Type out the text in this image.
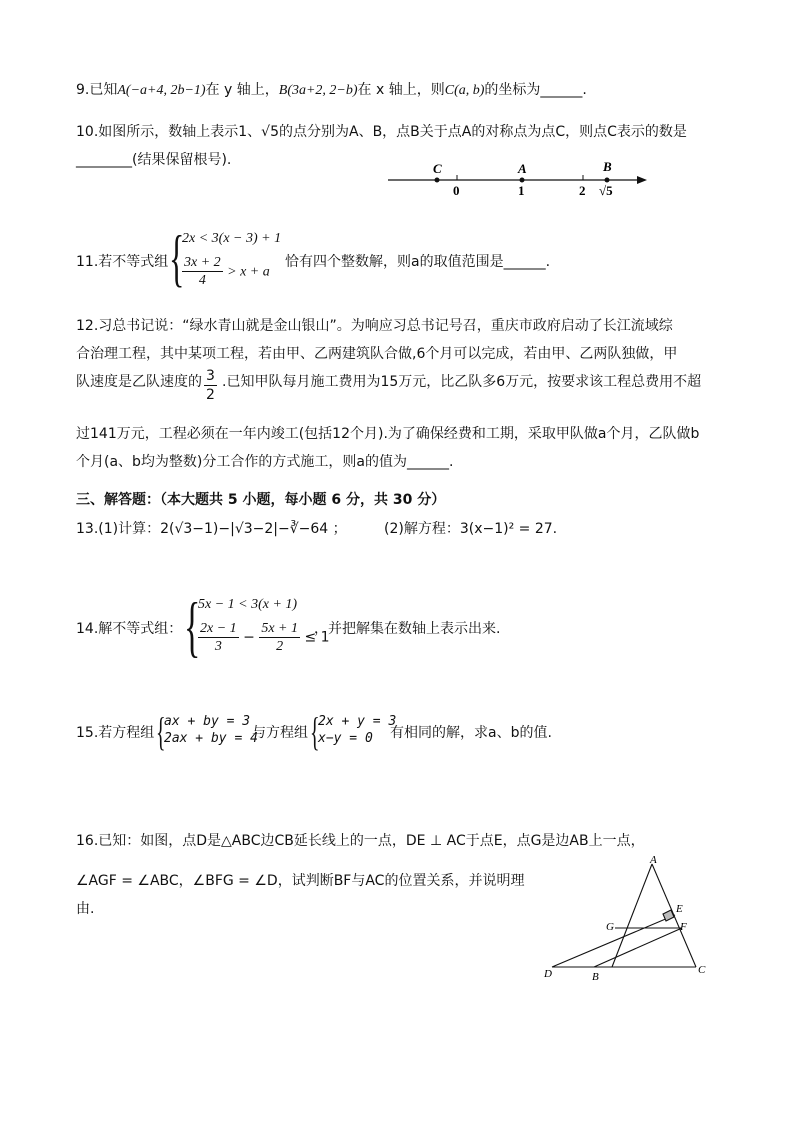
9.已知A(−a+4, 2b−1)在 y 轴上，B(3a+2, 2−b)在 x 轴上，则C(a, b)的坐标为______.
10.如图所示，数轴上表示1、√5的点分别为A、B，点B关于点A的对称点为点C，则点C表示的数是
________(结果保留根号).
C	A	B
0	1	2 √5
11.若不等式组 {
2x < 3(x − 3) + 1
$\frac{3x + 2}{4} > x + a$
恰有四个整数解，则a的取值范围是______.
12.习总书记说：“绿水青山就是金山银山”。为响应习总书记号召，重庆市政府启动了长江流域综
合治理工程，其中某项工程，若由甲、乙两建筑队合做,6个月可以完成，若由甲、乙两队独做，甲
队速度是乙队速度的 $\frac{3}{2}$ .已知甲队每月施工费用为15万元，比乙队多6万元，按要求该工程总费用不超
过141万元，工程必须在一年内竣工(包括12个月).为了确保经费和工期，采取甲队做a个月，乙队做b
个月(a、b均为整数)分工合作的方式施工，则a的值为______.
三、解答题：（本大题共 5 小题，每小题 6 分，共 30 分）
13.(1)计算：2(√3−1)−|√3−2|−∛−64 ；	(2)解方程：3(x−1)² = 27.
14.解不等式组： {
5x − 1 < 3(x + 1)
$\frac{2x - 1}{3} - \frac{5x + 1}{2} \le 1$
，并把解集在数轴上表示出来.
15.若方程组 {
ax + by = 3
2ax + by = 4
与方程组 {
2x + y = 3
x−y = 0 有相同的解，求a、b的值.
16.已知：如图，点D是△ABC边CB延长线上的一点，DE ⊥ AC于点E，点G是边AB上一点，
∠AGF = ∠ABC，∠BFG = ∠D，试判断BF与AC的位置关系，并说明理
由.
A
E
G	F
D	B
C
